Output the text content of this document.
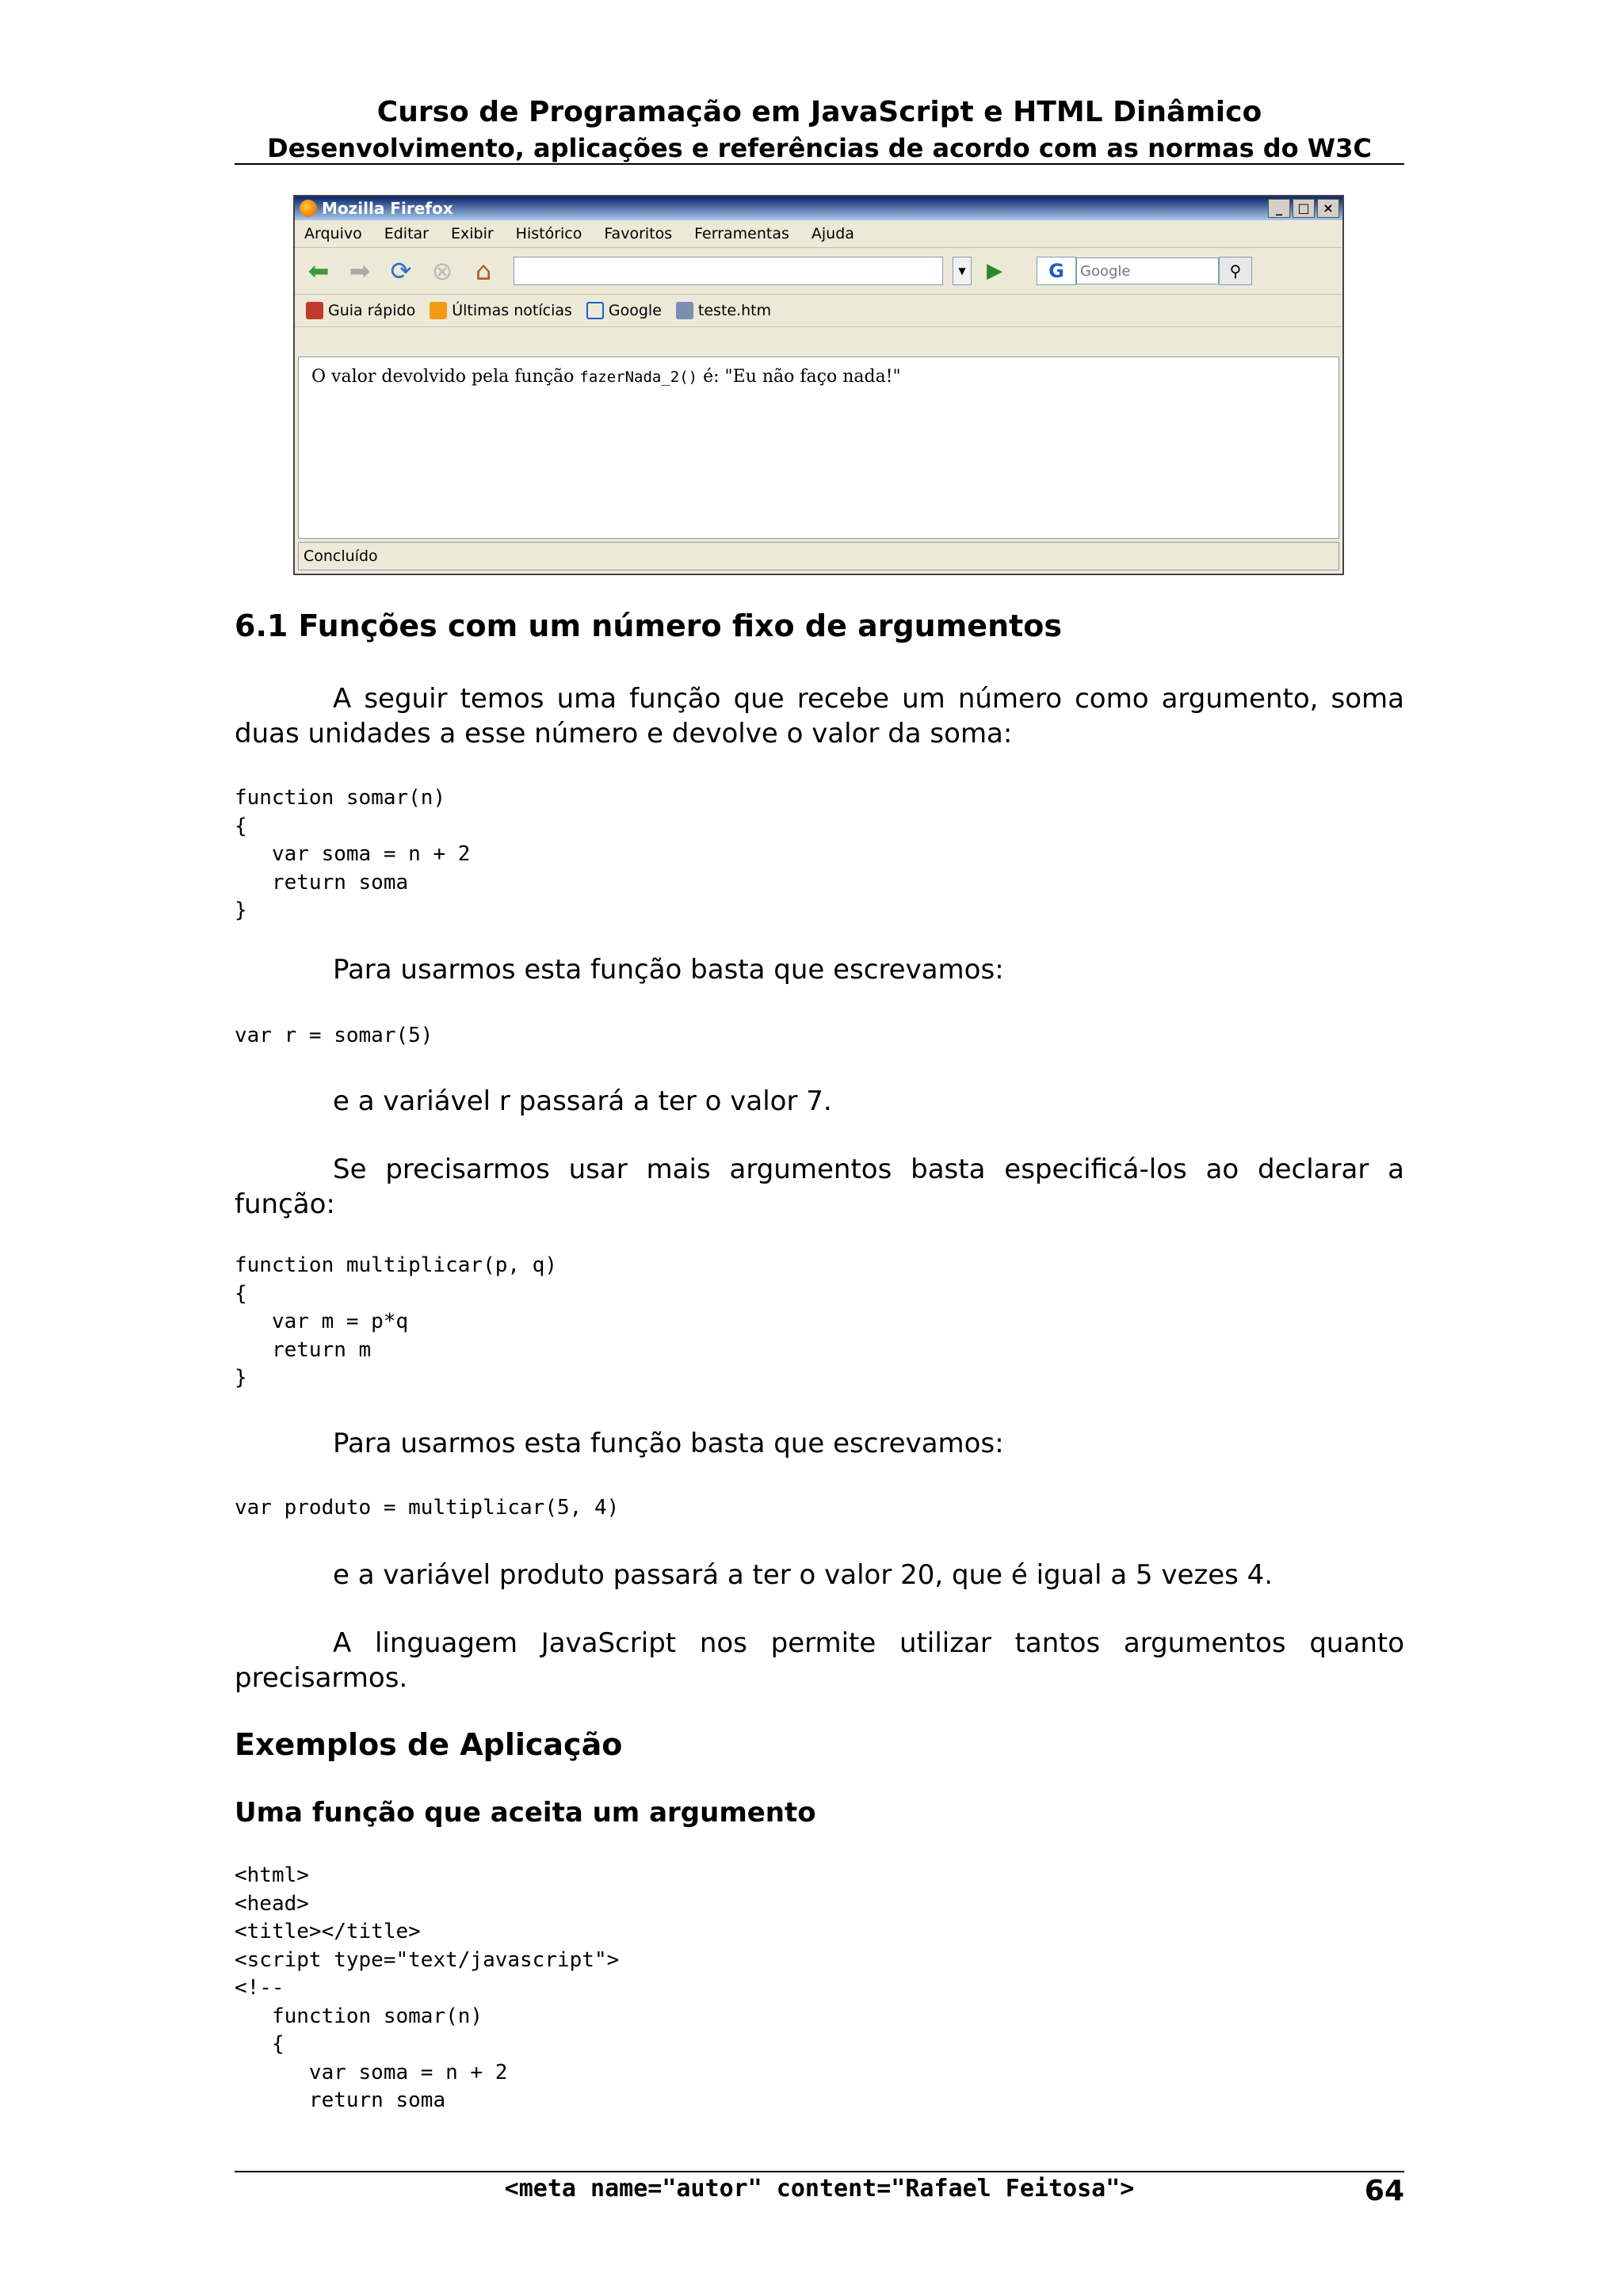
Curso de Programação em JavaScript e HTML Dinâmico
Desenvolvimento, aplicações e referências de acordo com as normas do W3C
Mozilla Firefox	_	□	×
Arquivo Editar Exibir Histórico Favoritos Ferramentas Ajuda
⬅ ➡ ⟳ ⊗ ⌂	▼ ▶	G	Google	⚲
Guia rápido Últimas notícias Google teste.htm
O valor devolvido pela função fazerNada_2() é: "Eu não faço nada!"
Concluído
6.1 Funções com um número fixo de argumentos
A seguir temos uma função que recebe um número como argumento, soma duas unidades a esse número e devolve o valor da soma:
function somar(n)
{
var soma = n + 2
return soma
}
Para usarmos esta função basta que escrevamos:
var r = somar(5)
e a variável r passará a ter o valor 7.
Se precisarmos usar mais argumentos basta especificá-los ao declarar a função:
function multiplicar(p, q)
{
var m = p*q
return m
}
Para usarmos esta função basta que escrevamos:
var produto = multiplicar(5, 4)
e a variável produto passará a ter o valor 20, que é igual a 5 vezes 4.
A linguagem JavaScript nos permite utilizar tantos argumentos quanto precisarmos.
Exemplos de Aplicação
Uma função que aceita um argumento
<html>
<head>
<title></title>
<script type="text/javascript">
<!--
function somar(n)
{
var soma = n + 2
return soma
<meta name="autor" content="Rafael Feitosa">	64
